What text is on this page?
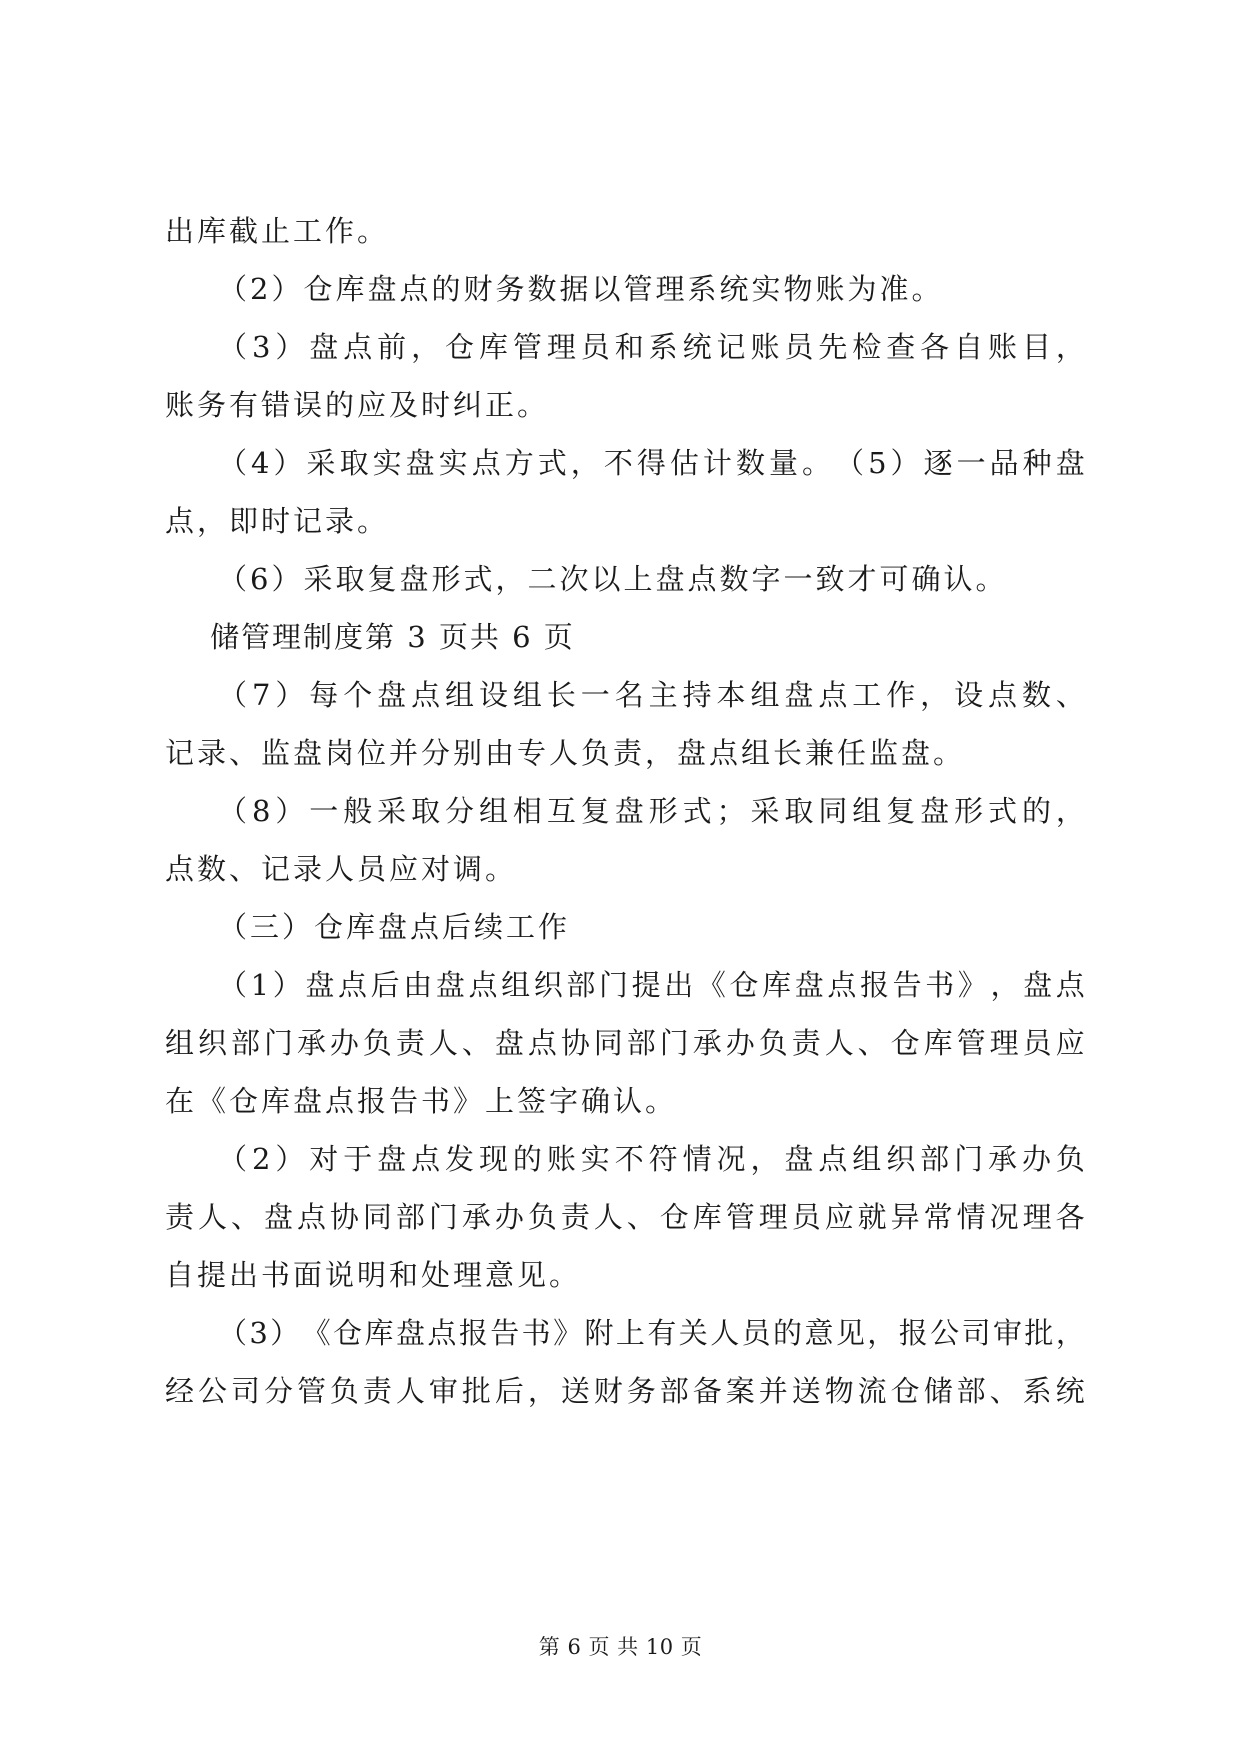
出库截止工作。
（2）仓库盘点的财务数据以管理系统实物账为准。
（ 3 ） 盘 点 前 ， 仓 库 管 理 员 和 系 统 记 账 员 先 检 查 各 自 账 目 ，
账务有错误的应及时纠正。
（ 4 ） 采 取 实 盘 实 点 方 式 ， 不 得 估 计 数 量 。 （ 5 ） 逐 一 品 种 盘
点，即时记录。
（6）采取复盘形式，二次以上盘点数字一致才可确认。
储管理制度第 3 页共 6 页
（ 7 ） 每 个 盘 点 组 设 组 长 一 名 主 持 本 组 盘 点 工 作 ， 设 点 数 、
记录、监盘岗位并分别由专人负责，盘点组长兼任监盘。
（ 8 ） 一 般 采 取 分 组 相 互 复 盘 形 式 ； 采 取 同 组 复 盘 形 式 的 ，
点数、记录人员应对调。
（三）仓库盘点后续工作
（ 1 ） 盘 点 后 由 盘 点 组 织 部 门 提 出 《 仓 库 盘 点 报 告 书 》 ， 盘 点
组 织 部 门 承 办 负 责 人 、 盘 点 协 同 部 门 承 办 负 责 人 、 仓 库 管 理 员 应
在《仓库盘点报告书》上签字确认。
（ 2 ） 对 于 盘 点 发 现 的 账 实 不 符 情 况 ， 盘 点 组 织 部 门 承 办 负
责 人 、 盘 点 协 同 部 门 承 办 负 责 人 、 仓 库 管 理 员 应 就 异 常 情 况 理 各
自提出书面说明和处理意见。
（ 3 ） 《 仓 库 盘 点 报 告 书 》 附 上 有 关 人 员 的 意 见 ， 报 公 司 审 批 ，
经 公 司 分 管 负 责 人 审 批 后 ， 送 财 务 部 备 案 并 送 物 流 仓 储 部 、 系 统
第 6 页 共 10 页
